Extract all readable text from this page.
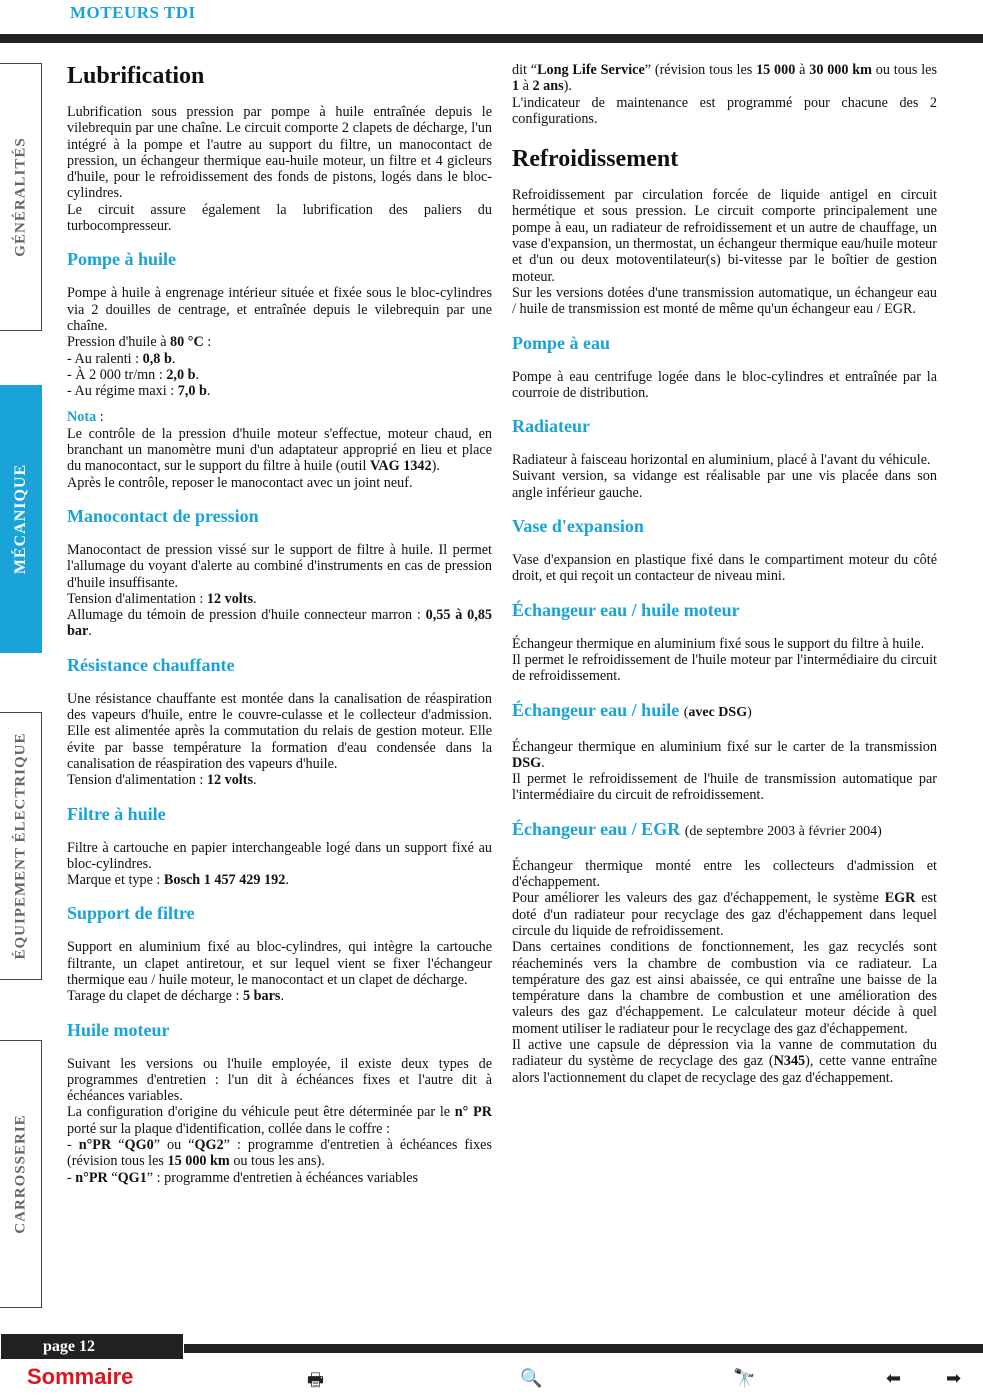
MOTEURS TDI
GÉNÉRALITÉS
MÉCANIQUE
ÉQUIPEMENT ÉLECTRIQUE
CARROSSERIE
Lubrification

Lubrification sous pression par pompe à huile entraînée depuis le vilebrequin par une chaîne. Le circuit comporte 2 clapets de décharge, l'un intégré à la pompe et l'autre au support du filtre, un manocontact de pression, un échangeur thermique eau-huile moteur, un filtre et 4 gicleurs d'huile, pour le refroidissement des fonds de pistons, logés dans le bloc-cylindres.

Le circuit assure également la lubrification des paliers du turbocompresseur.

Pompe à huile

Pompe à huile à engrenage intérieur située et fixée sous le bloc-cylindres via 2 douilles de centrage, et entraînée depuis le vilebrequin par une chaîne.

Pression d'huile à 80 °C :

- Au ralenti : 0,8 b.

- À 2 000 tr/mn : 2,0 b.

- Au régime maxi : 7,0 b.

Nota :

Le contrôle de la pression d'huile moteur s'effectue, moteur chaud, en branchant un manomètre muni d'un adaptateur approprié en lieu et place du manocontact, sur le support du filtre à huile (outil VAG 1342).

Après le contrôle, reposer le manocontact avec un joint neuf.

Manocontact de pression

Manocontact de pression vissé sur le support de filtre à huile. Il permet l'allumage du voyant d'alerte au combiné d'instruments en cas de pression d'huile insuffisante.

Tension d'alimentation : 12 volts.

Allumage du témoin de pression d'huile connecteur marron : 0,55 à 0,85 bar.

Résistance chauffante

Une résistance chauffante est montée dans la canalisation de réaspiration des vapeurs d'huile, entre le couvre-culasse et le collecteur d'admission. Elle est alimentée après la commutation du relais de gestion moteur. Elle évite par basse température la formation d'eau condensée dans la canalisation de réaspiration des vapeurs d'huile.

Tension d'alimentation : 12 volts.

Filtre à huile

Filtre à cartouche en papier interchangeable logé dans un support fixé au bloc-cylindres.

Marque et type : Bosch 1 457 429 192.

Support de filtre

Support en aluminium fixé au bloc-cylindres, qui intègre la cartouche filtrante, un clapet antiretour, et sur lequel vient se fixer l'échangeur thermique eau / huile moteur, le manocontact et un clapet de décharge.

Tarage du clapet de décharge : 5 bars.

Huile moteur

Suivant les versions ou l'huile employée, il existe deux types de programmes d'entretien : l'un dit à échéances fixes et l'autre dit à échéances variables.

La configuration d'origine du véhicule peut être déterminée par le n° PR porté sur la plaque d'identification, collée dans le coffre :

- n°PR “QG0” ou “QG2” : programme d'entretien à échéances fixes (révision tous les 15 000 km ou tous les ans).

- n°PR “QG1” : programme d'entretien à échéances variables

dit “Long Life Service” (révision tous les 15 000 à 30 000 km ou tous les 1 à 2 ans).

L'indicateur de maintenance est programmé pour chacune des 2 configurations.

Refroidissement

Refroidissement par circulation forcée de liquide antigel en circuit hermétique et sous pression. Le circuit comporte principalement une pompe à eau, un radiateur de refroidissement et un autre de chauffage, un vase d'expansion, un thermostat, un échangeur thermique eau/huile moteur et d'un ou deux motoventilateur(s) bi-vitesse par le boîtier de gestion moteur.

Sur les versions dotées d'une transmission automatique, un échangeur eau / huile de transmission est monté de même qu'un échangeur eau / EGR.

Pompe à eau

Pompe à eau centrifuge logée dans le bloc-cylindres et entraînée par la courroie de distribution.

Radiateur

Radiateur à faisceau horizontal en aluminium, placé à l'avant du véhicule.

Suivant version, sa vidange est réalisable par une vis placée dans son angle inférieur gauche.

Vase d'expansion

Vase d'expansion en plastique fixé dans le compartiment moteur du côté droit, et qui reçoit un contacteur de niveau mini.

Échangeur eau / huile moteur

Échangeur thermique en aluminium fixé sous le support du filtre à huile.

Il permet le refroidissement de l'huile moteur par l'intermédiaire du circuit de refroidissement.

Échangeur eau / huile (avec DSG)

Échangeur thermique en aluminium fixé sur le carter de la transmission DSG.

Il permet le refroidissement de l'huile de transmission automatique par l'intermédiaire du circuit de refroidissement.

Échangeur eau / EGR (de septembre 2003 à février 2004)

Échangeur thermique monté entre les collecteurs d'admission et d'échappement.

Pour améliorer les valeurs des gaz d'échappement, le système EGR est doté d'un radiateur pour recyclage des gaz d'échappement dans lequel circule du liquide de refroidissement.

Dans certaines conditions de fonctionnement, les gaz recyclés sont réacheminés vers la chambre de combustion via ce radiateur. La température des gaz est ainsi abaissée, ce qui entraîne une baisse de la température dans la chambre de combustion et une amélioration des valeurs des gaz d'échappement. Le calculateur moteur décide à quel moment utiliser le radiateur pour le recyclage des gaz d'échappement.

Il active une capsule de dépression via la vanne de commutation du radiateur du système de recyclage des gaz (N345), cette vanne entraîne alors l'actionnement du clapet de recyclage des gaz d'échappement.

page 12
Sommaire	🖶	🔍	🔭	⬅ ➡
